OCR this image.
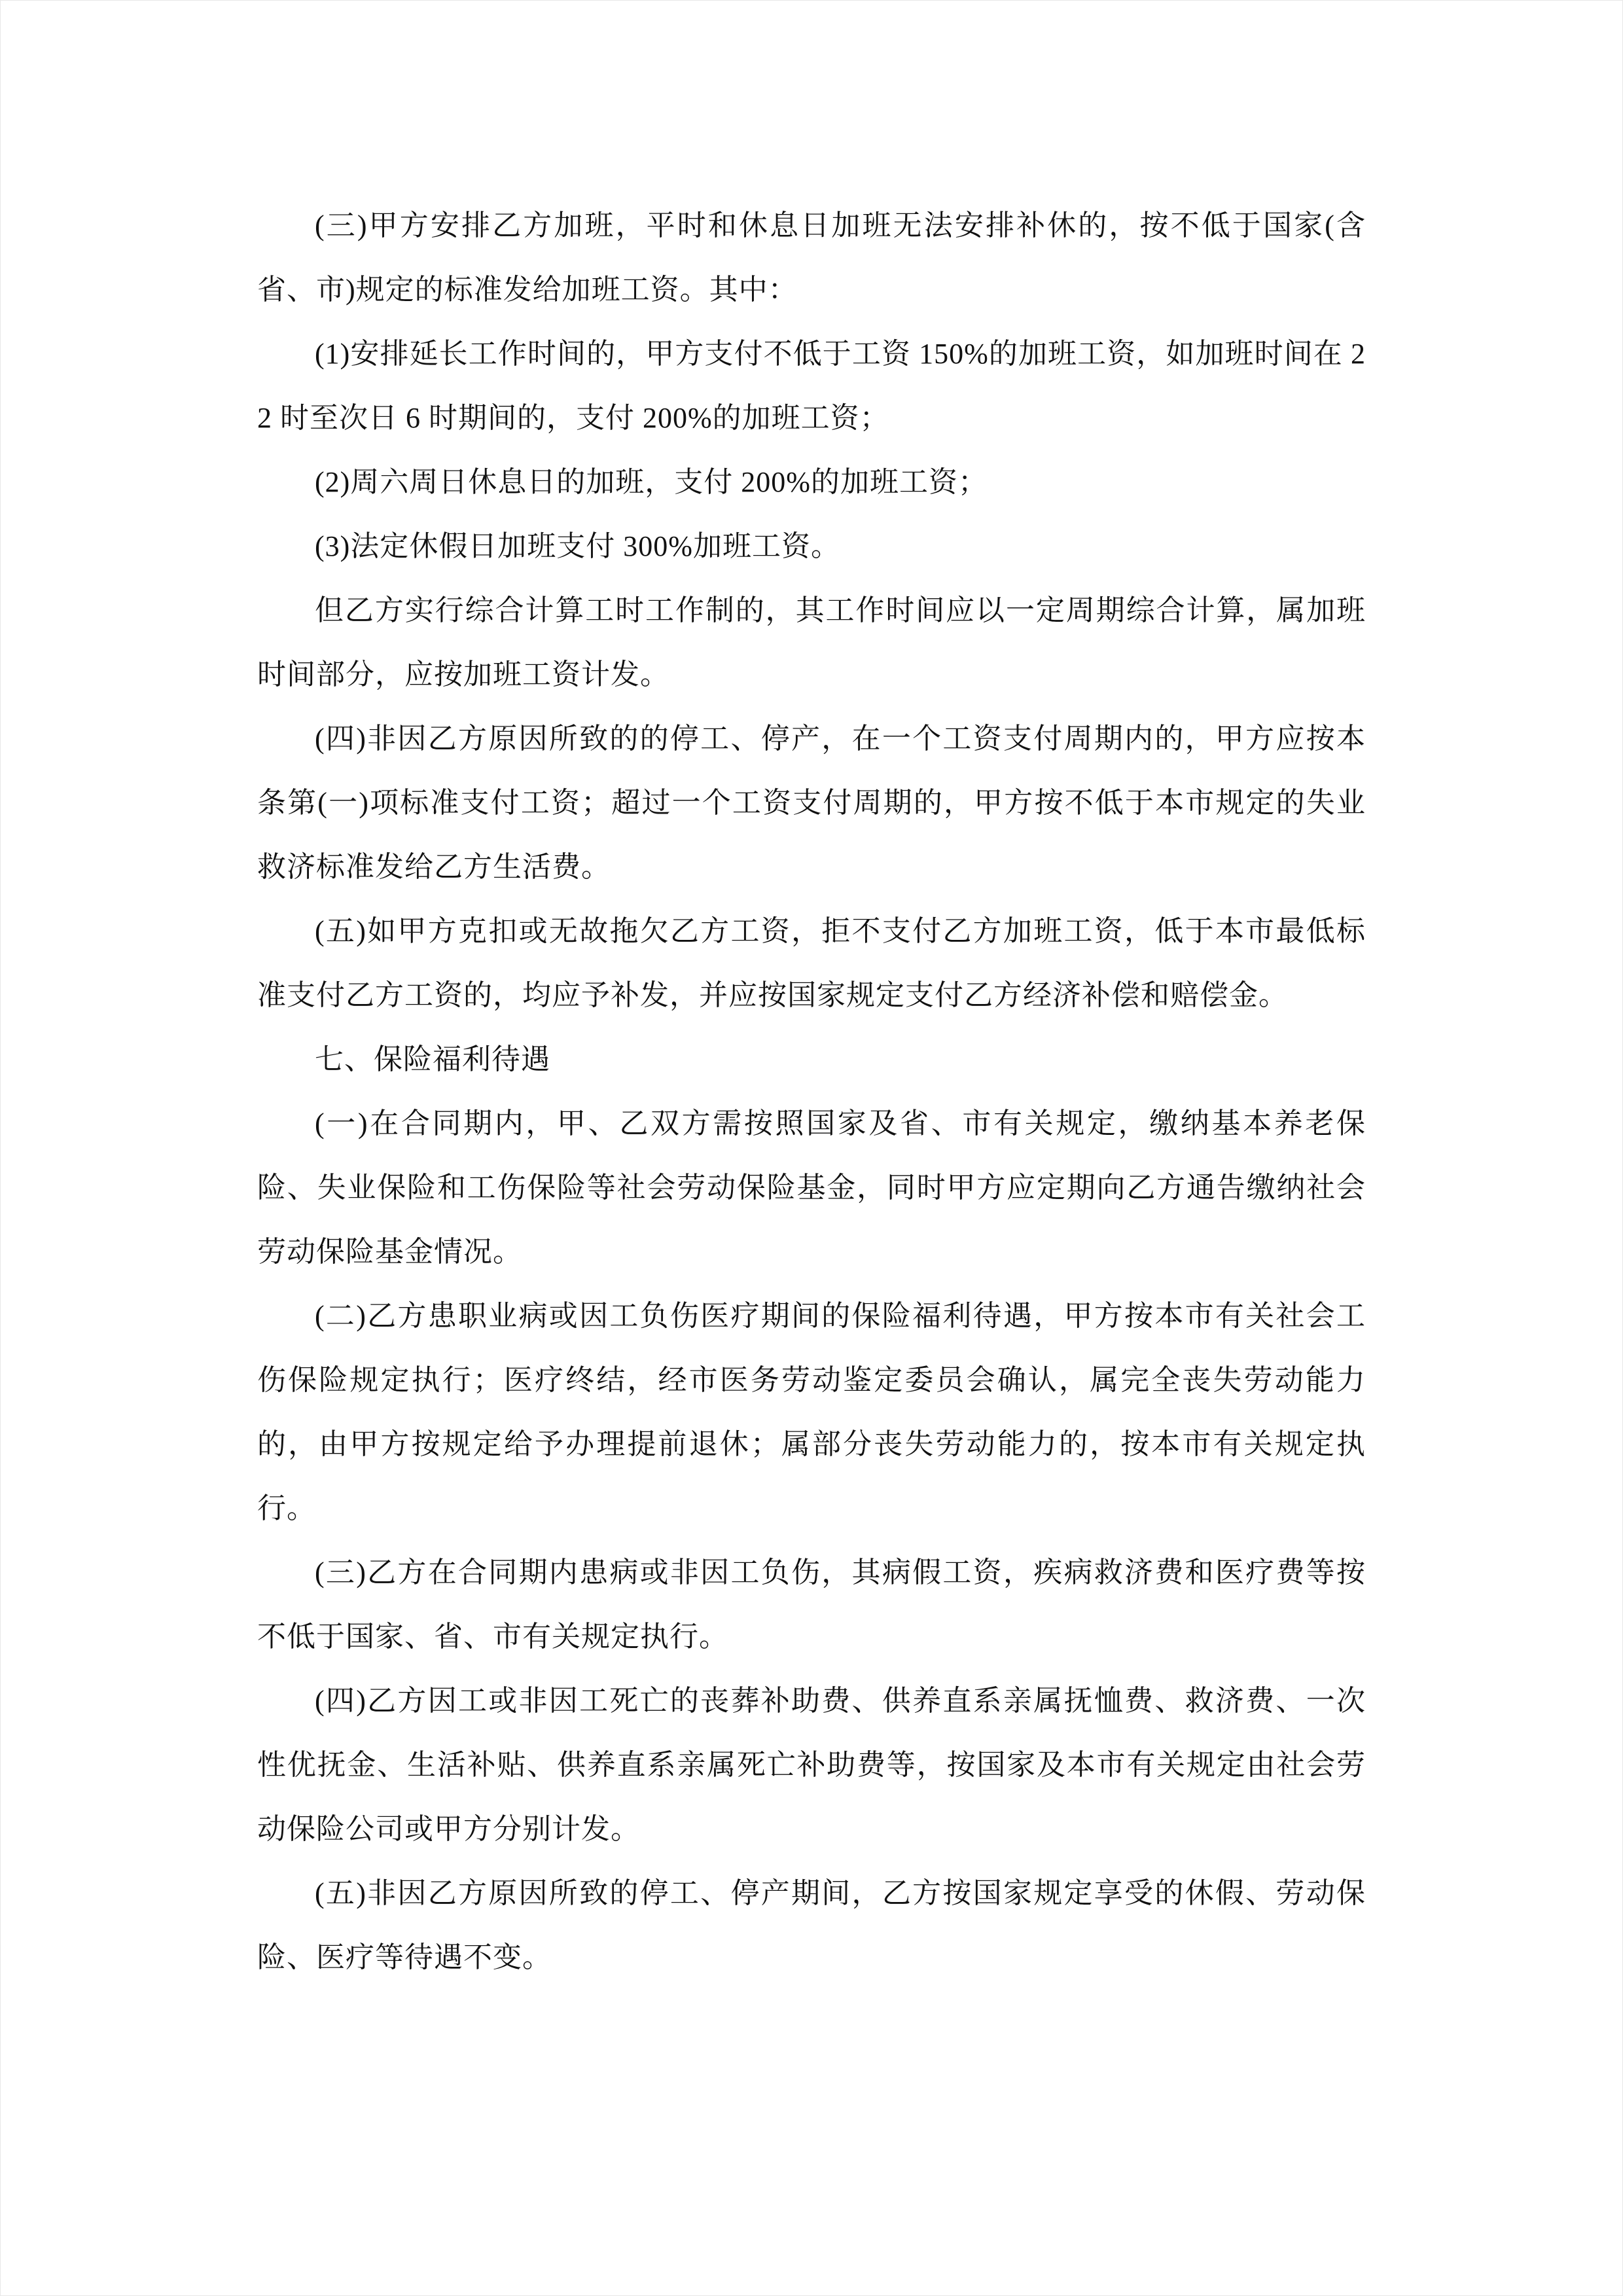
(三)甲方安排乙方加班，平时和休息日加班无法安排补休的，按不低于国家(含省、市)规定的标准发给加班工资。其中：

(1)安排延长工作时间的，甲方支付不低于工资 150%的加班工资，如加班时间在 22 时至次日 6 时期间的，支付 200%的加班工资；

(2)周六周日休息日的加班，支付 200%的加班工资；

(3)法定休假日加班支付 300%加班工资。

但乙方实行综合计算工时工作制的，其工作时间应以一定周期综合计算，属加班时间部分，应按加班工资计发。

(四)非因乙方原因所致的的停工、停产，在一个工资支付周期内的，甲方应按本条第(一)项标准支付工资；超过一个工资支付周期的，甲方按不低于本市规定的失业救济标准发给乙方生活费。

(五)如甲方克扣或无故拖欠乙方工资，拒不支付乙方加班工资，低于本市最低标准支付乙方工资的，均应予补发，并应按国家规定支付乙方经济补偿和赔偿金。

七、保险福利待遇

(一)在合同期内，甲、乙双方需按照国家及省、市有关规定，缴纳基本养老保险、失业保险和工伤保险等社会劳动保险基金，同时甲方应定期向乙方通告缴纳社会劳动保险基金情况。

(二)乙方患职业病或因工负伤医疗期间的保险福利待遇，甲方按本市有关社会工伤保险规定执行；医疗终结，经市医务劳动鉴定委员会确认，属完全丧失劳动能力的，由甲方按规定给予办理提前退休；属部分丧失劳动能力的，按本市有关规定执行。

(三)乙方在合同期内患病或非因工负伤，其病假工资，疾病救济费和医疗费等按不低于国家、省、市有关规定执行。

(四)乙方因工或非因工死亡的丧葬补助费、供养直系亲属抚恤费、救济费、一次性优抚金、生活补贴、供养直系亲属死亡补助费等，按国家及本市有关规定由社会劳动保险公司或甲方分别计发。

(五)非因乙方原因所致的停工、停产期间，乙方按国家规定享受的休假、劳动保险、医疗等待遇不变。
